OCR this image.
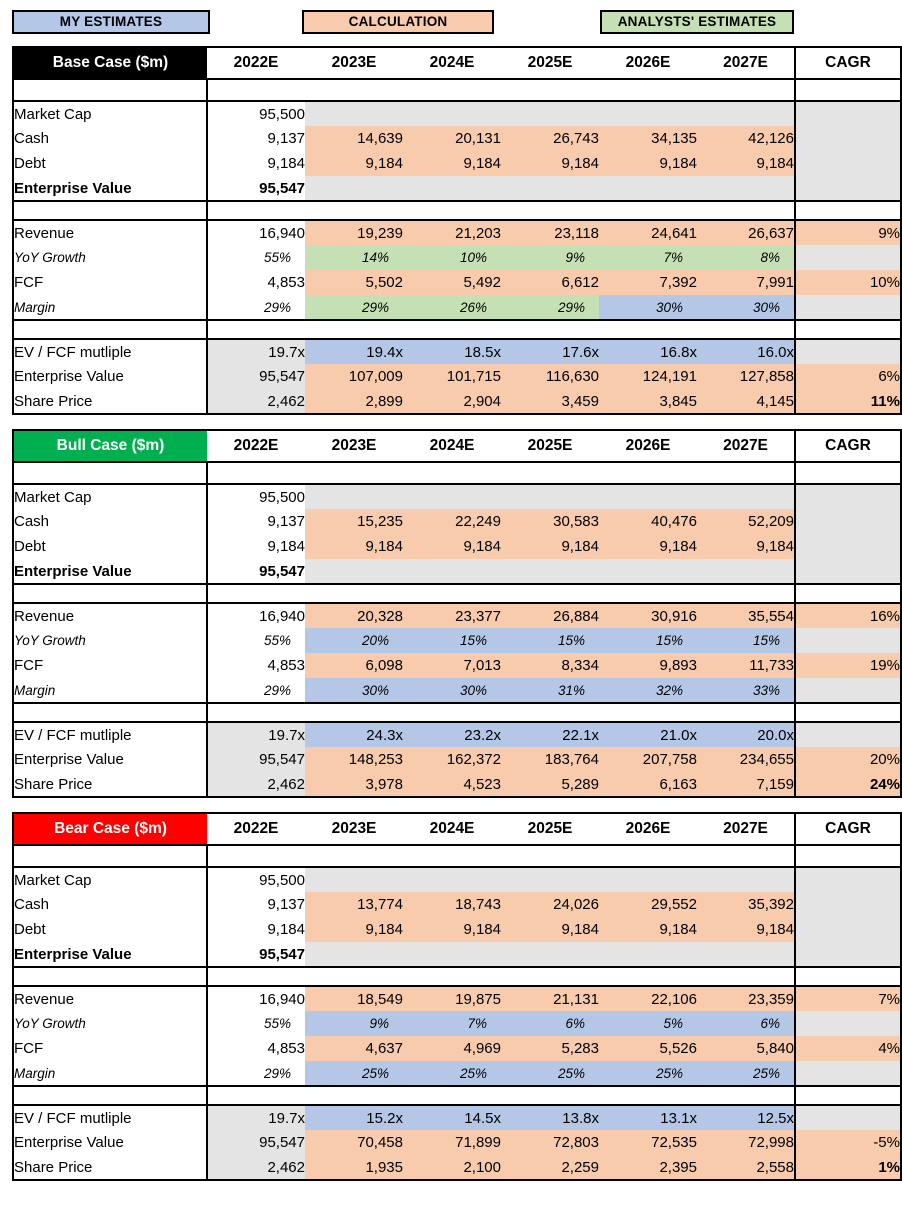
MY ESTIMATES	CALCULATION	ANALYSTS' ESTIMATES
Base Case ($m)	2022E	2023E	2024E	2025E	2026E	2027E	CAGR

Market Cap	95,500						
Cash	9,137	14,639	20,131	26,743	34,135	42,126	
Debt	9,184	9,184	9,184	9,184	9,184	9,184	
Enterprise Value	95,547						

Revenue	16,940	19,239	21,203	23,118	24,641	26,637	9%
YoY Growth	55%	14%	10%	9%	7%	8%	
FCF	4,853	5,502	5,492	6,612	7,392	7,991	10%
Margin	29%	29%	26%	29%	30%	30%	

EV / FCF mutliple	19.7x	19.4x	18.5x	17.6x	16.8x	16.0x	
Enterprise Value	95,547	107,009	101,715	116,630	124,191	127,858	6%
Share Price	2,462	2,899	2,904	3,459	3,845	4,145	11%
Bull Case ($m)	2022E	2023E	2024E	2025E	2026E	2027E	CAGR

Market Cap	95,500						
Cash	9,137	15,235	22,249	30,583	40,476	52,209	
Debt	9,184	9,184	9,184	9,184	9,184	9,184	
Enterprise Value	95,547						

Revenue	16,940	20,328	23,377	26,884	30,916	35,554	16%
YoY Growth	55%	20%	15%	15%	15%	15%	
FCF	4,853	6,098	7,013	8,334	9,893	11,733	19%
Margin	29%	30%	30%	31%	32%	33%	

EV / FCF mutliple	19.7x	24.3x	23.2x	22.1x	21.0x	20.0x	
Enterprise Value	95,547	148,253	162,372	183,764	207,758	234,655	20%
Share Price	2,462	3,978	4,523	5,289	6,163	7,159	24%
Bear Case ($m)	2022E	2023E	2024E	2025E	2026E	2027E	CAGR

Market Cap	95,500						
Cash	9,137	13,774	18,743	24,026	29,552	35,392	
Debt	9,184	9,184	9,184	9,184	9,184	9,184	
Enterprise Value	95,547						

Revenue	16,940	18,549	19,875	21,131	22,106	23,359	7%
YoY Growth	55%	9%	7%	6%	5%	6%	
FCF	4,853	4,637	4,969	5,283	5,526	5,840	4%
Margin	29%	25%	25%	25%	25%	25%	

EV / FCF mutliple	19.7x	15.2x	14.5x	13.8x	13.1x	12.5x	
Enterprise Value	95,547	70,458	71,899	72,803	72,535	72,998	-5%
Share Price	2,462	1,935	2,100	2,259	2,395	2,558	1%
